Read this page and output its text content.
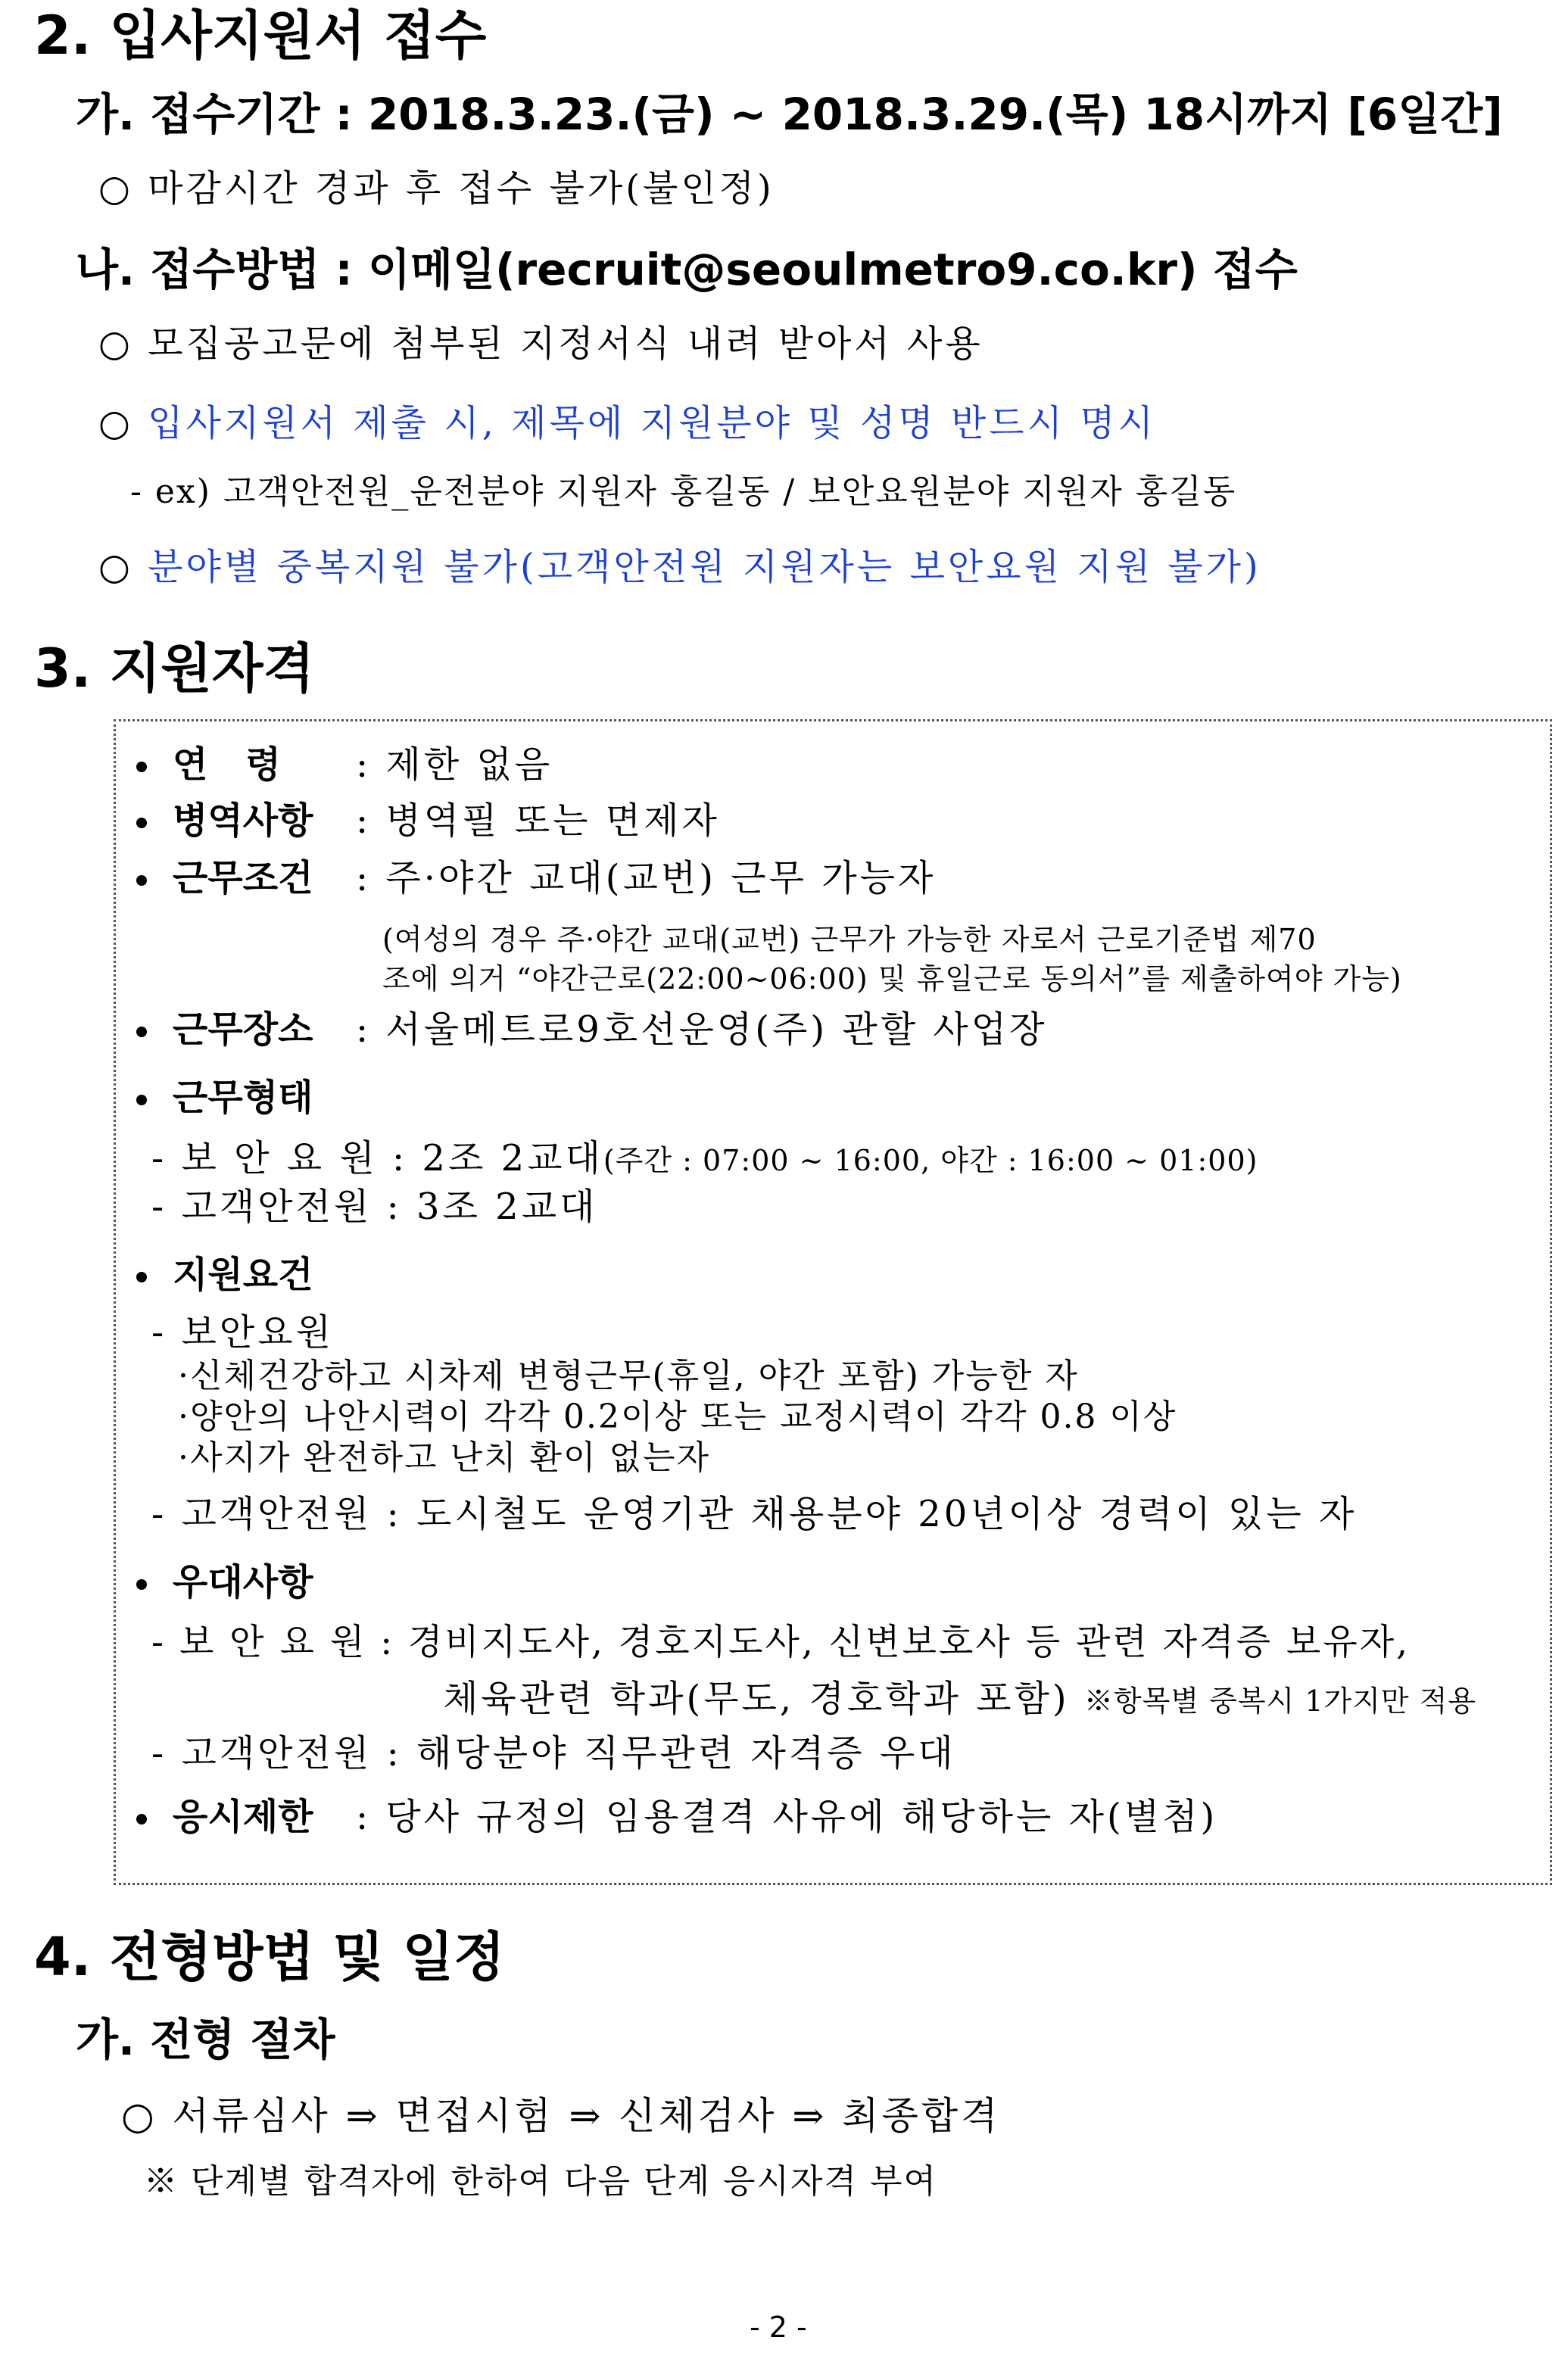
2. 입사지원서 접수
가. 접수기간 : 2018.3.23.(금) ~ 2018.3.29.(목) 18시까지 [6일간]
○ 마감시간 경과 후 접수 불가(불인정)
나. 접수방법 : 이메일(recruit@seoulmetro9.co.kr) 접수
○ 모집공고문에 첨부된 지정서식 내려 받아서 사용
○ 입사지원서 제출 시, 제목에 지원분야 및 성명 반드시 명시
- ex) 고객안전원_운전분야 지원자 홍길동 / 보안요원분야 지원자 홍길동
○ 분야별 중복지원 불가(고객안전원 지원자는 보안요원 지원 불가)
3. 지원자격
연   령 : 제한 없음
병역사항 : 병역필 또는 면제자
근무조건 : 주·야간 교대(교번) 근무 가능자
(여성의 경우 주·야간 교대(교번) 근무가 가능한 자로서 근로기준법 제70
조에 의거 “야간근로(22:00~06:00) 및 휴일근로 동의서”를 제출하여야 가능)
근무장소 : 서울메트로9호선운영(주) 관할 사업장
근무형태
- 보 안 요 원 : 2조 2교대(주간 : 07:00 ~ 16:00, 야간 : 16:00 ~ 01:00)
- 고객안전원 : 3조 2교대
지원요건
- 보안요원
·신체건강하고 시차제 변형근무(휴일, 야간 포함) 가능한 자
·양안의 나안시력이 각각 0.2이상 또는 교정시력이 각각 0.8 이상
·사지가 완전하고 난치 환이 없는자
- 고객안전원 : 도시철도 운영기관 채용분야 20년이상 경력이 있는 자
우대사항
- 보 안 요 원 : 경비지도사, 경호지도사, 신변보호사 등 관련 자격증 보유자,
체육관련 학과(무도, 경호학과 포함) ※항목별 중복시 1가지만 적용
- 고객안전원 : 해당분야 직무관련 자격증 우대
응시제한 : 당사 규정의 임용결격 사유에 해당하는 자(별첨)
4. 전형방법 및 일정
가. 전형 절차
○ 서류심사 ⇒ 면접시험 ⇒ 신체검사 ⇒ 최종합격
※ 단계별 합격자에 한하여 다음 단계 응시자격 부여
- 2 -
